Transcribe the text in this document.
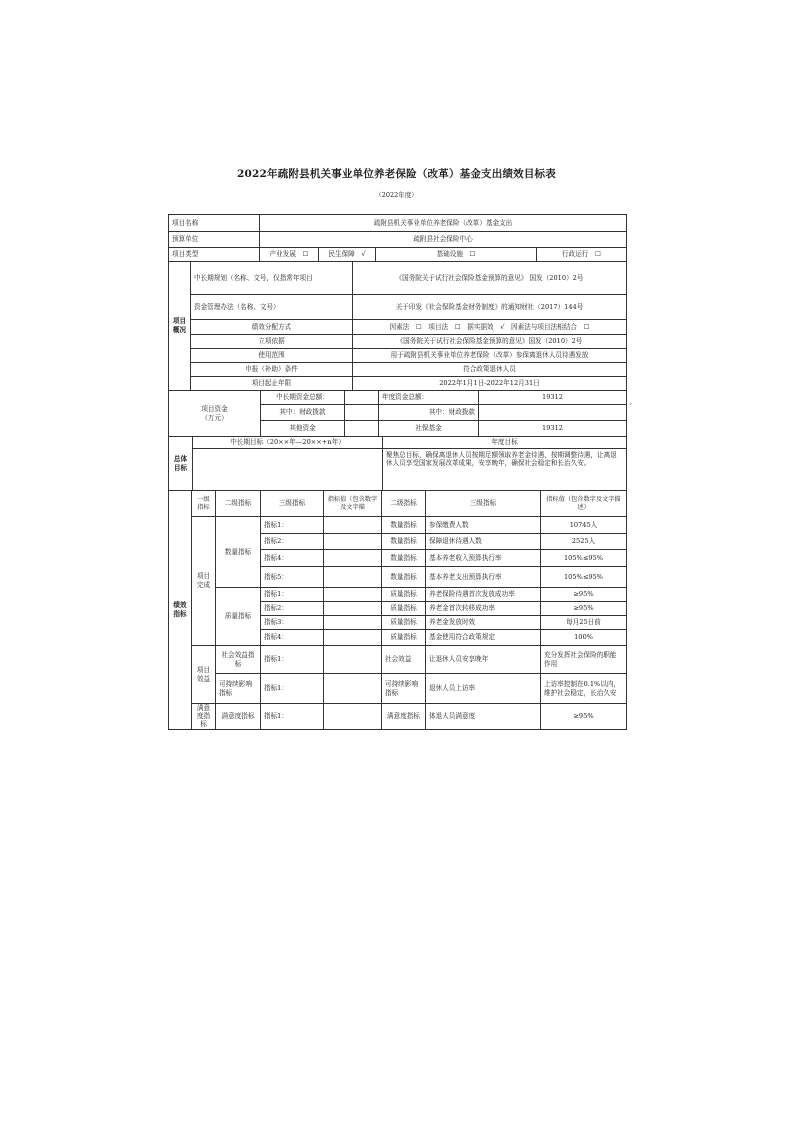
2022年疏附县机关事业单位养老保险（改革）基金支出绩效目标表
（2022年度）
项目名称	疏附县机关事业单位养老保险（改革）基金支出			
预算单位	疏附县社会保险中心			
项目类型	产业发展　☐	民生保障　√	基础设施　☐	行政运行　☐
项目概况	中长期规划（名称、文号，仅指常年项目	《国务院关于试行社会保险基金预算的意见》 国发（2010）2号
	资金管理办法（名称、文号）	关于印发《社会保险基金财务制度》的通知财社（2017）144号
	绩效分配方式	因素法　☐　项目法　☐　据实据效　√　因素法与项目法相结合　☐
	立项依据	《国务院关于试行社会保险基金预算的意见》国发（2010）2号
	使用范围	用于疏附县机关事业单位养老保险（改革）参保离退休人员待遇发放
	申报（补助）条件	符合政策退休人员
	项目起止年限	2022年1月1日-2022年12月31日
项目资金
（万元）	中长期资金总额：		年度资金总额：	19312
	其中：财政拨款		其中：财政拨款	
	其他资金		社保基金	19312
总体目标	中长期目标（20××年—20××+n年）	年度目标
		聚焦总目标，确保离退休人员按期足额领取养老金待遇，按期调整待遇，让离退休人员享受国家发展改革成果，安享晚年，确保社会稳定和长治久安。
绩效指标	一级指标	二级指标	三级指标	指标值（包含数字及文字描	二级指标	三级指标	指标值（包含数字及文字描述）
	项目完成	数量指标	指标1：		数量指标	参保缴费人数	10745人
			指标2：		数量指标	保障退休待遇人数	2525人
			指标4：		数量指标	基本养老收入预算执行率	105%≤95%
			指标5：		数量指标	基本养老支出预算执行率	105%≤95%
		质量指标	指标1：		质量指标	养老保险待遇首次发放成功率	≥95%
			指标2：		质量指标	养老金首次转移成功率	≥95%
			指标3：		质量指标	养老金发放时效	每月25日前
			指标4：		质量指标	基金使用符合政策规定	100%
	项目效益	社会效益指标	指标1：		社会效益	让退休人员安享晚年	充分发挥社会保险的职能作用
		可持续影响指标	指标1：		可持续影响指标	退休人员上访率	上访率控制在0.1%以内，维护社会稳定，长治久安
	满意度指标	满意度指标	指标1：		满意度指标	体退人员满意度	≥95%
ˊ
